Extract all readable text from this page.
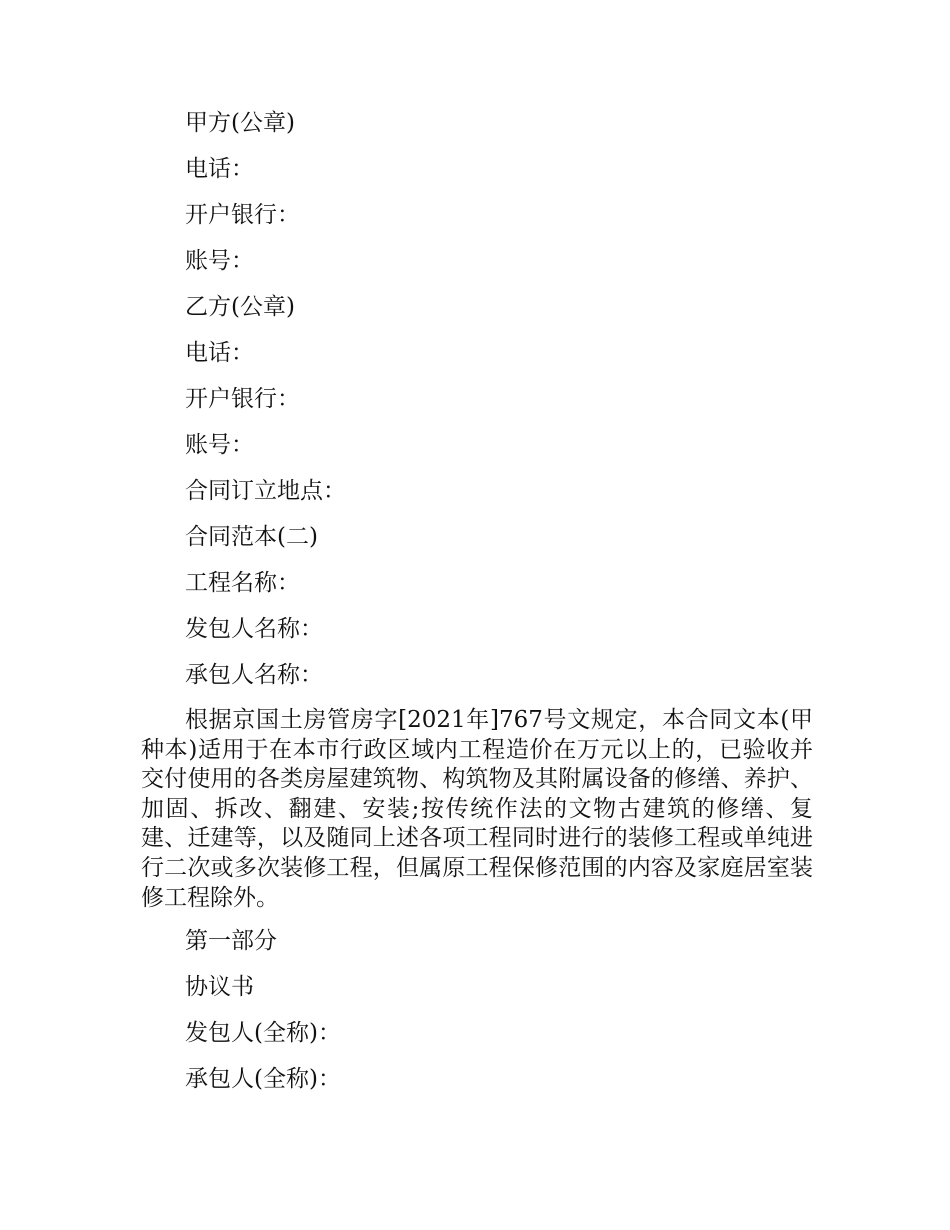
甲方(公章)
电话：
开户银行：
账号：
乙方(公章)
电话：
开户银行：
账号：
合同订立地点：
合同范本(二)
工程名称：
发包人名称：
承包人名称：

根据京国土房管房字[2021年]767号文规定，本合同文本(甲种本)适用于在本市行政区域内工程造价在万元以上的，已验收并交付使用的各类房屋建筑物、构筑物及其附属设备的修缮、养护、加固、拆改、翻建、安装;按传统作法的文物古建筑的修缮、复建、迁建等，以及随同上述各项工程同时进行的装修工程或单纯进行二次或多次装修工程，但属原工程保修范围的内容及家庭居室装修工程除外。

第一部分
协议书
发包人(全称)：
承包人(全称)：
